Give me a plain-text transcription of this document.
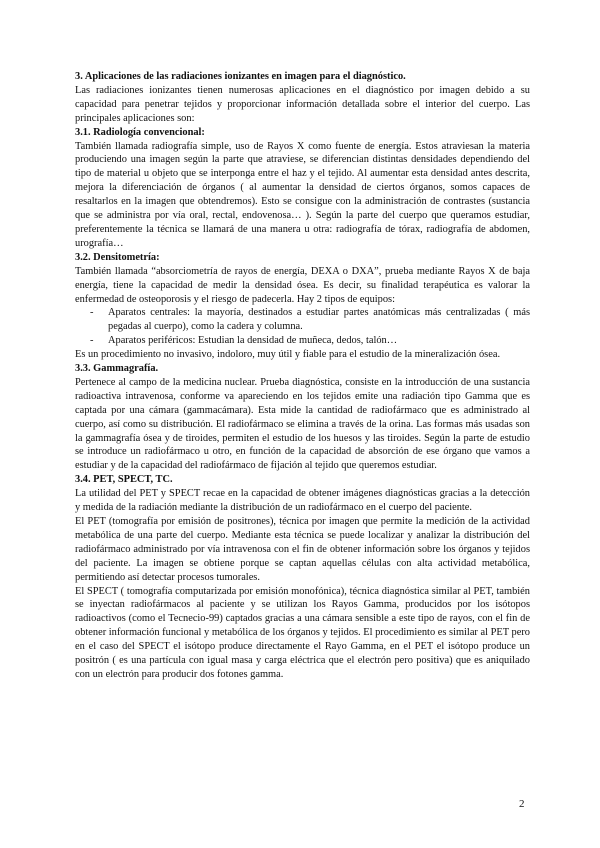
3. Aplicaciones de las radiaciones ionizantes en imagen para el diagnóstico.

Las radiaciones ionizantes tienen numerosas aplicaciones en el diagnóstico por imagen debido a su capacidad para penetrar tejidos y proporcionar información detallada sobre el interior del cuerpo. Las principales aplicaciones son:

3.1. Radiología convencional:

También llamada radiografía simple, uso de Rayos X como fuente de energía. Estos atraviesan la materia produciendo una imagen según la parte que atraviese, se diferencian distintas densidades dependiendo del tipo de material u objeto que se interponga entre el haz y el tejido. Al aumentar esta densidad antes descrita, mejora la diferenciación de órganos ( al aumentar la densidad de ciertos órganos, somos capaces de resaltarlos en la imagen que obtendremos). Esto se consigue con la administración de contrastes (sustancia que se administra por vía oral, rectal, endovenosa… ). Según la parte del cuerpo que queramos estudiar, preferentemente la técnica se llamará de una manera u otra: radiografía de tórax, radiografía de abdomen, urografía…

3.2. Densitometría:

También llamada “absorciometría de rayos de energía, DEXA o DXA”, prueba mediante Rayos X de baja energía, tiene la capacidad de medir la densidad ósea. Es decir, su finalidad terapéutica es valorar la enfermedad de osteoporosis y el riesgo de padecerla. Hay 2 tipos de equipos:

- Aparatos centrales: la mayoría, destinados a estudiar partes anatómicas más centralizadas ( más pegadas al cuerpo), como la cadera y columna.
- Aparatos periféricos: Estudian la densidad de muñeca, dedos, talón…

Es un procedimiento no invasivo, indoloro, muy útil y fiable para el estudio de la mineralización ósea.

3.3. Gammagrafía.

Pertenece al campo de la medicina nuclear. Prueba diagnóstica, consiste en la introducción de una sustancia radioactiva intravenosa, conforme va apareciendo en los tejidos emite una radiación tipo Gamma que es captada por una cámara (gammacámara). Esta mide la cantidad de radiofármaco que es administrado al cuerpo, así como su distribución. El radiofármaco se elimina a través de la orina. Las formas más usadas son la gammagrafía ósea y de tiroides, permiten el estudio de los huesos y las tiroides. Según la parte de estudio se introduce un radiofármaco u otro, en función de la capacidad de absorción de ese órgano que vamos a estudiar y de la capacidad del radiofármaco de fijación al tejido que queremos estudiar.

3.4. PET, SPECT, TC.

La utilidad del PET y SPECT recae en la capacidad de obtener imágenes diagnósticas gracias a la detección y medida de la radiación mediante la distribución de un radiofármaco en el cuerpo del paciente.

El PET (tomografía por emisión de positrones), técnica por imagen que permite la medición de la actividad metabólica de una parte del cuerpo. Mediante esta técnica se puede localizar y analizar la distribución del radiofármaco administrado por vía intravenosa con el fin de obtener información sobre los órganos y tejidos del paciente. La imagen se obtiene porque se captan aquellas células con alta actividad metabólica, permitiendo así detectar procesos tumorales.

El SPECT ( tomografía computarizada por emisión monofónica), técnica diagnóstica similar al PET, también se inyectan radiofármacos al paciente y se utilizan los Rayos Gamma, producidos por los isótopos radioactivos (como el Tecnecio-99) captados gracias a una cámara sensible a este tipo de rayos, con el fin de obtener información funcional y metabólica de los órganos y tejidos. El procedimiento es similar al PET pero en el caso del SPECT el isótopo produce directamente el Rayo Gamma, en el PET el isótopo produce un positrón ( es una partícula con igual masa y carga eléctrica que el electrón pero positiva) que es aniquilado con un electrón para producir dos fotones gamma.

2
